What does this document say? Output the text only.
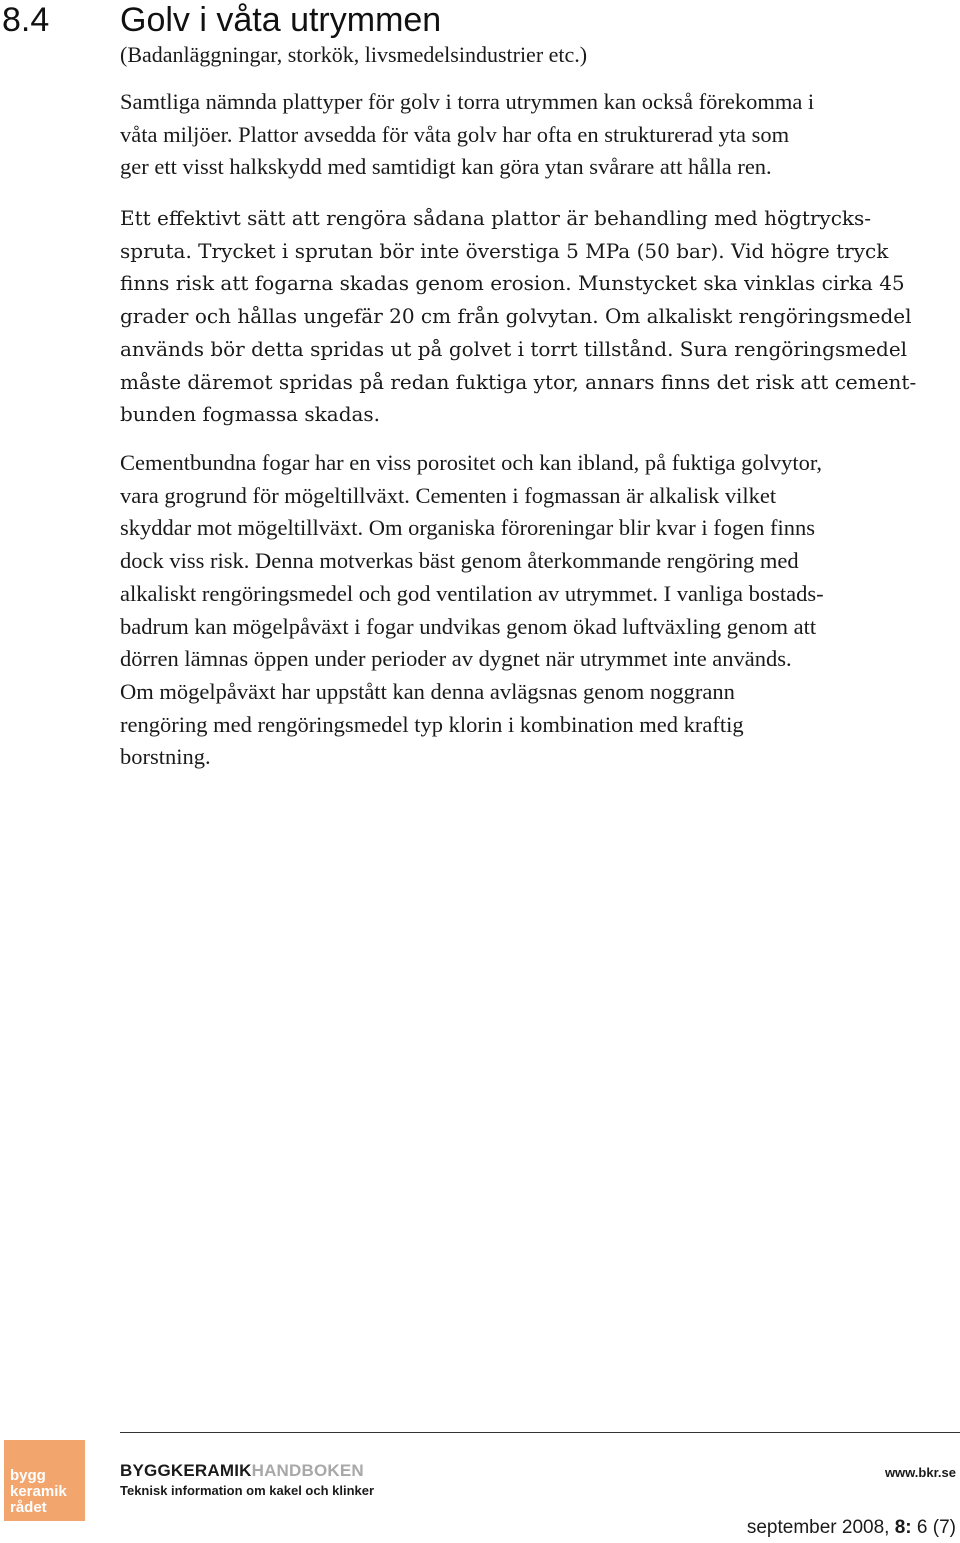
8.4 Golv i våta utrymmen
(Badanläggningar, storkök, livsmedelsindustrier etc.)

Samtliga nämnda plattyper för golv i torra utrymmen kan också förekomma i
våta miljöer. Plattor avsedda för våta golv har ofta en strukturerad yta som
ger ett visst halkskydd med samtidigt kan göra ytan svårare att hålla ren.

Ett effektivt sätt att rengöra sådana plattor är behandling med högtrycks-
spruta. Trycket i sprutan bör inte överstiga 5 MPa (50 bar). Vid högre tryck
finns risk att fogarna skadas genom erosion. Munstycket ska vinklas cirka 45
grader och hållas ungefär 20 cm från golvytan. Om alkaliskt rengöringsmedel
används bör detta spridas ut på golvet i torrt tillstånd. Sura rengöringsmedel
måste däremot spridas på redan fuktiga ytor, annars finns det risk att cement-
bunden fogmassa skadas.

Cementbundna fogar har en viss porositet och kan ibland, på fuktiga golvytor,
vara grogrund för mögeltillväxt. Cementen i fogmassan är alkalisk vilket
skyddar mot mögeltillväxt. Om organiska föroreningar blir kvar i fogen finns
dock viss risk. Denna motverkas bäst genom återkommande rengöring med
alkaliskt rengöringsmedel och god ventilation av utrymmet. I vanliga bostads-
badrum kan mögelpåväxt i fogar undvikas genom ökad luftväxling genom att
dörren lämnas öppen under perioder av dygnet när utrymmet inte används.
Om mögelpåväxt har uppstått kan denna avlägsnas genom noggrann
rengöring med rengöringsmedel typ klorin i kombination med kraftig
borstning.

bygg
keramik
rådet
BYGGKERAMIKHANDBOKEN
Teknisk information om kakel och klinker
www.bkr.se
september 2008, 8: 6 (7)
